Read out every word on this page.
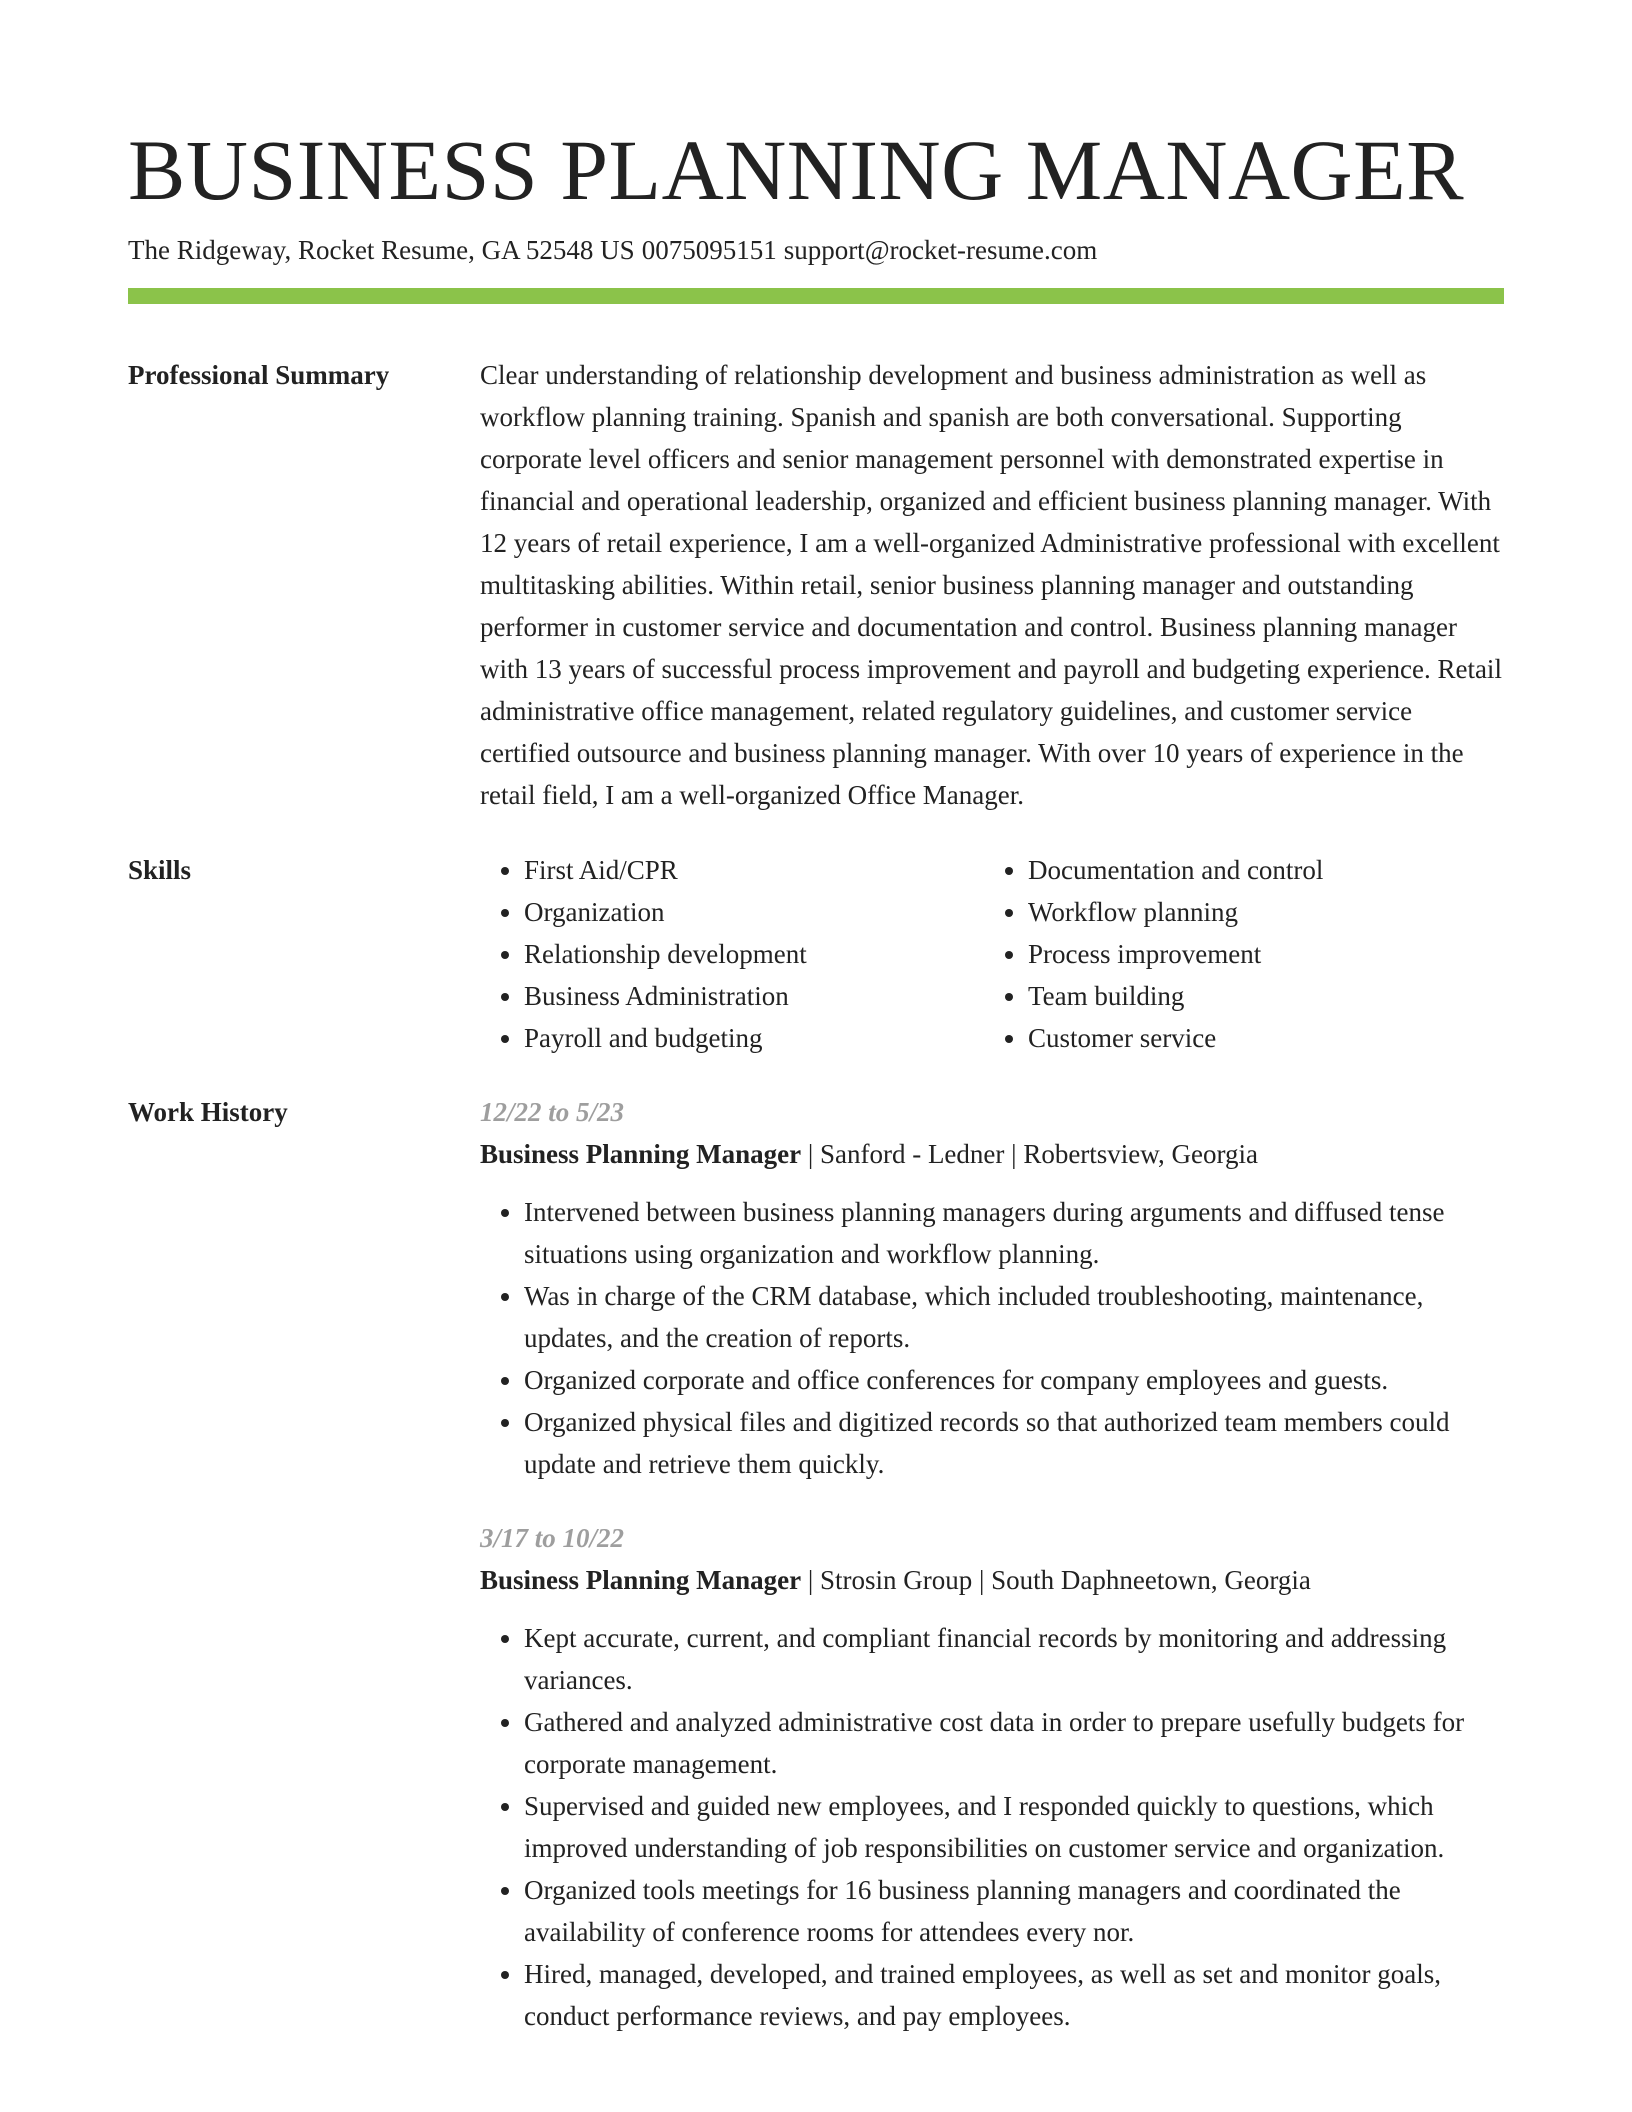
BUSINESS PLANNING MANAGER
The Ridgeway, Rocket Resume, GA 52548 US 0075095151 support@rocket-resume.com
Professional Summary	Clear understanding of relationship development and business administration as well as workflow planning training. Spanish and spanish are both conversational. Supporting corporate level officers and senior management personnel with demonstrated expertise in financial and operational leadership, organized and efficient business planning manager. With 12 years of retail experience, I am a well-organized Administrative professional with excellent multitasking abilities. Within retail, senior business planning manager and outstanding performer in customer service and documentation and control. Business planning manager with 13 years of successful process improvement and payroll and budgeting experience. Retail administrative office management, related regulatory guidelines, and customer service certified outsource and business planning manager. With over 10 years of experience in the retail field, I am a well-organized Office Manager.

Skills
•	First Aid/CPR
• Organization
• Relationship development
• Business Administration
• Payroll and budgeting
• Documentation and control
• Workflow planning
• Process improvement
• Team building
• Customer service
Work History	12/22 to 5/23
Business Planning Manager | Sanford - Ledner | Robertsview, Georgia
• Intervened between business planning managers during arguments and diffused tense situations using organization and workflow planning.
• Was in charge of the CRM database, which included troubleshooting, maintenance, updates, and the creation of reports.
• Organized corporate and office conferences for company employees and guests.
• Organized physical files and digitized records so that authorized team members could update and retrieve them quickly.
3/17 to 10/22
Business Planning Manager | Strosin Group | South Daphneetown, Georgia
• Kept accurate, current, and compliant financial records by monitoring and addressing variances.
• Gathered and analyzed administrative cost data in order to prepare usefully budgets for corporate management.
• Supervised and guided new employees, and I responded quickly to questions, which improved understanding of job responsibilities on customer service and organization.
• Organized tools meetings for 16 business planning managers and coordinated the availability of conference rooms for attendees every nor.
• Hired, managed, developed, and trained employees, as well as set and monitor goals, conduct performance reviews, and pay employees.
